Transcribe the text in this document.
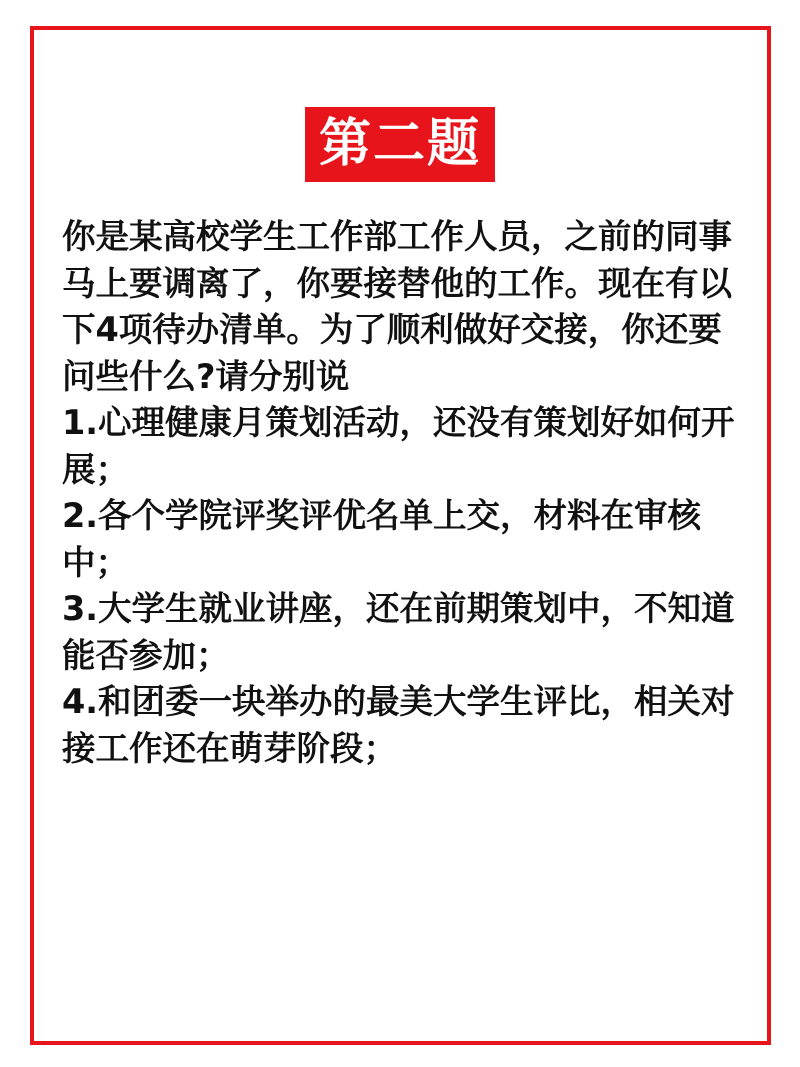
第二题

你是某高校学生工作部工作人员，之前的同事马上要调离了，你要接替他的工作。现在有以下4项待办清单。为了顺利做好交接，你还要问些什么?请分别说

1.心理健康月策划活动，还没有策划好如何开展；

2.各个学院评奖评优名单上交，材料在审核中；

3.大学生就业讲座，还在前期策划中，不知道能否参加；

4.和团委一块举办的最美大学生评比，相关对接工作还在萌芽阶段；
